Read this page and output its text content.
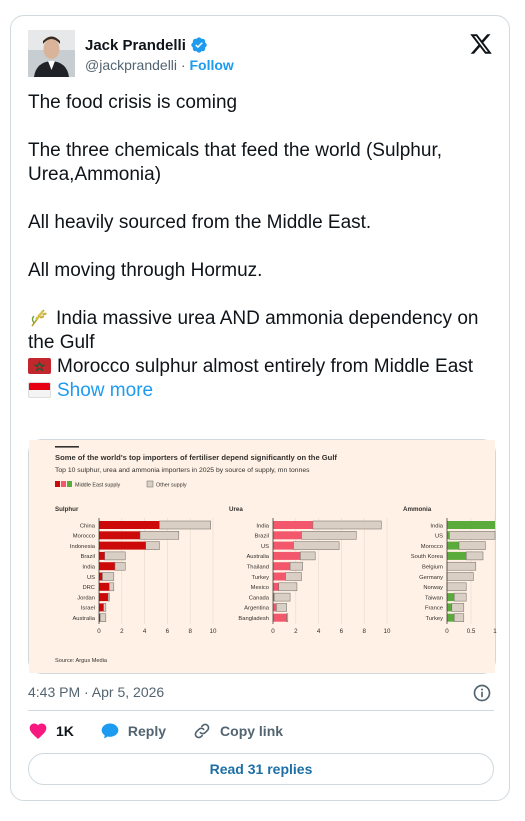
Jack Prandelli
@jackprandelli · Follow

The food crisis is coming

The three chemicals that feed the world (Sulphur, Urea,Ammonia)

All heavily sourced from the Middle East.

All moving through Hormuz.

India massive urea AND ammonia dependency on the Gulf

Morocco sulphur almost entirely from Middle East

Show more

Some of the world's top importers of fertiliser depend significantly on the Gulf
Top 10 sulphur, urea and ammonia importers in 2025 by source of supply, mn tonnes
Middle East supply	Other supply
Sulphur
0	2	4	6	8	10
China
Morocco
Indonesia
Brazil
India
US
DRC
Jordan
Israel
Australia
Urea
0	2	4	6	8	10
India
Brazil
US
Australia
Thailand
Turkey
Mexico
Canada
Argentina
Bangladesh
Ammonia
0	0.5	1
India
US
Morocco
South Korea
Belgium
Germany
Norway
Taiwan
France
Turkey
Source: Argus Media
4:43 PM · Apr 5, 2026
1K	Reply	Copy link
Read 31 replies
